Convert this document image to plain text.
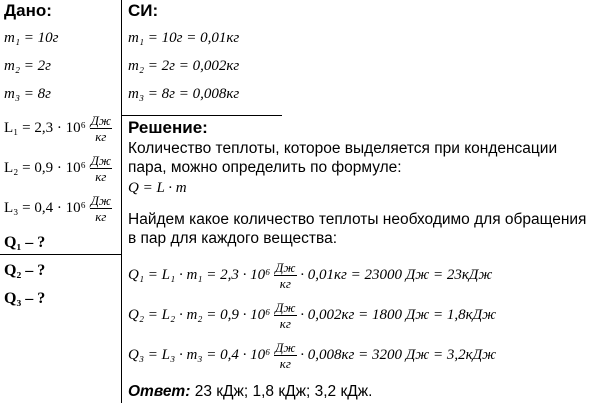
Дано:
m₁ = 10г
m₂ = 2г
m₃ = 8г
$L_1 = 2,3 \cdot 10^6 \frac{Дж}{кг}$
$L_2 = 0,9 \cdot 10^6 \frac{Дж}{кг}$
$L_3 = 0,4 \cdot 10^6 \frac{Дж}{кг}$
Q₁ – ?
Q₂ – ?
Q₃ – ?
СИ:
m₁ = 10г = 0,01кг
m₂ = 2г = 0,002кг
m₃ = 8г = 0,008кг
Решение:
Количество теплоты, которое выделяется при конденсации
пара, можно определить по формуле:
Q = L · m
Найдем какое количество теплоты необходимо для обращения
в пар для каждого вещества:
$Q_1 = L_1 \cdot m_1 = 2,3 \cdot 10^6 \frac{Дж}{кг} \cdot 0,01кг = 23000$ Дж = 23кДж
$Q_2 = L_2 \cdot m_2 = 0,9 \cdot 10^6 \frac{Дж}{кг} \cdot 0,002кг = 1800$ Дж = 1,8кДж
$Q_3 = L_3 \cdot m_3 = 0,4 \cdot 10^6 \frac{Дж}{кг} \cdot 0,008кг = 3200$ Дж = 3,2кДж
Ответ: 23 кДж; 1,8 кДж; 3,2 кДж.
